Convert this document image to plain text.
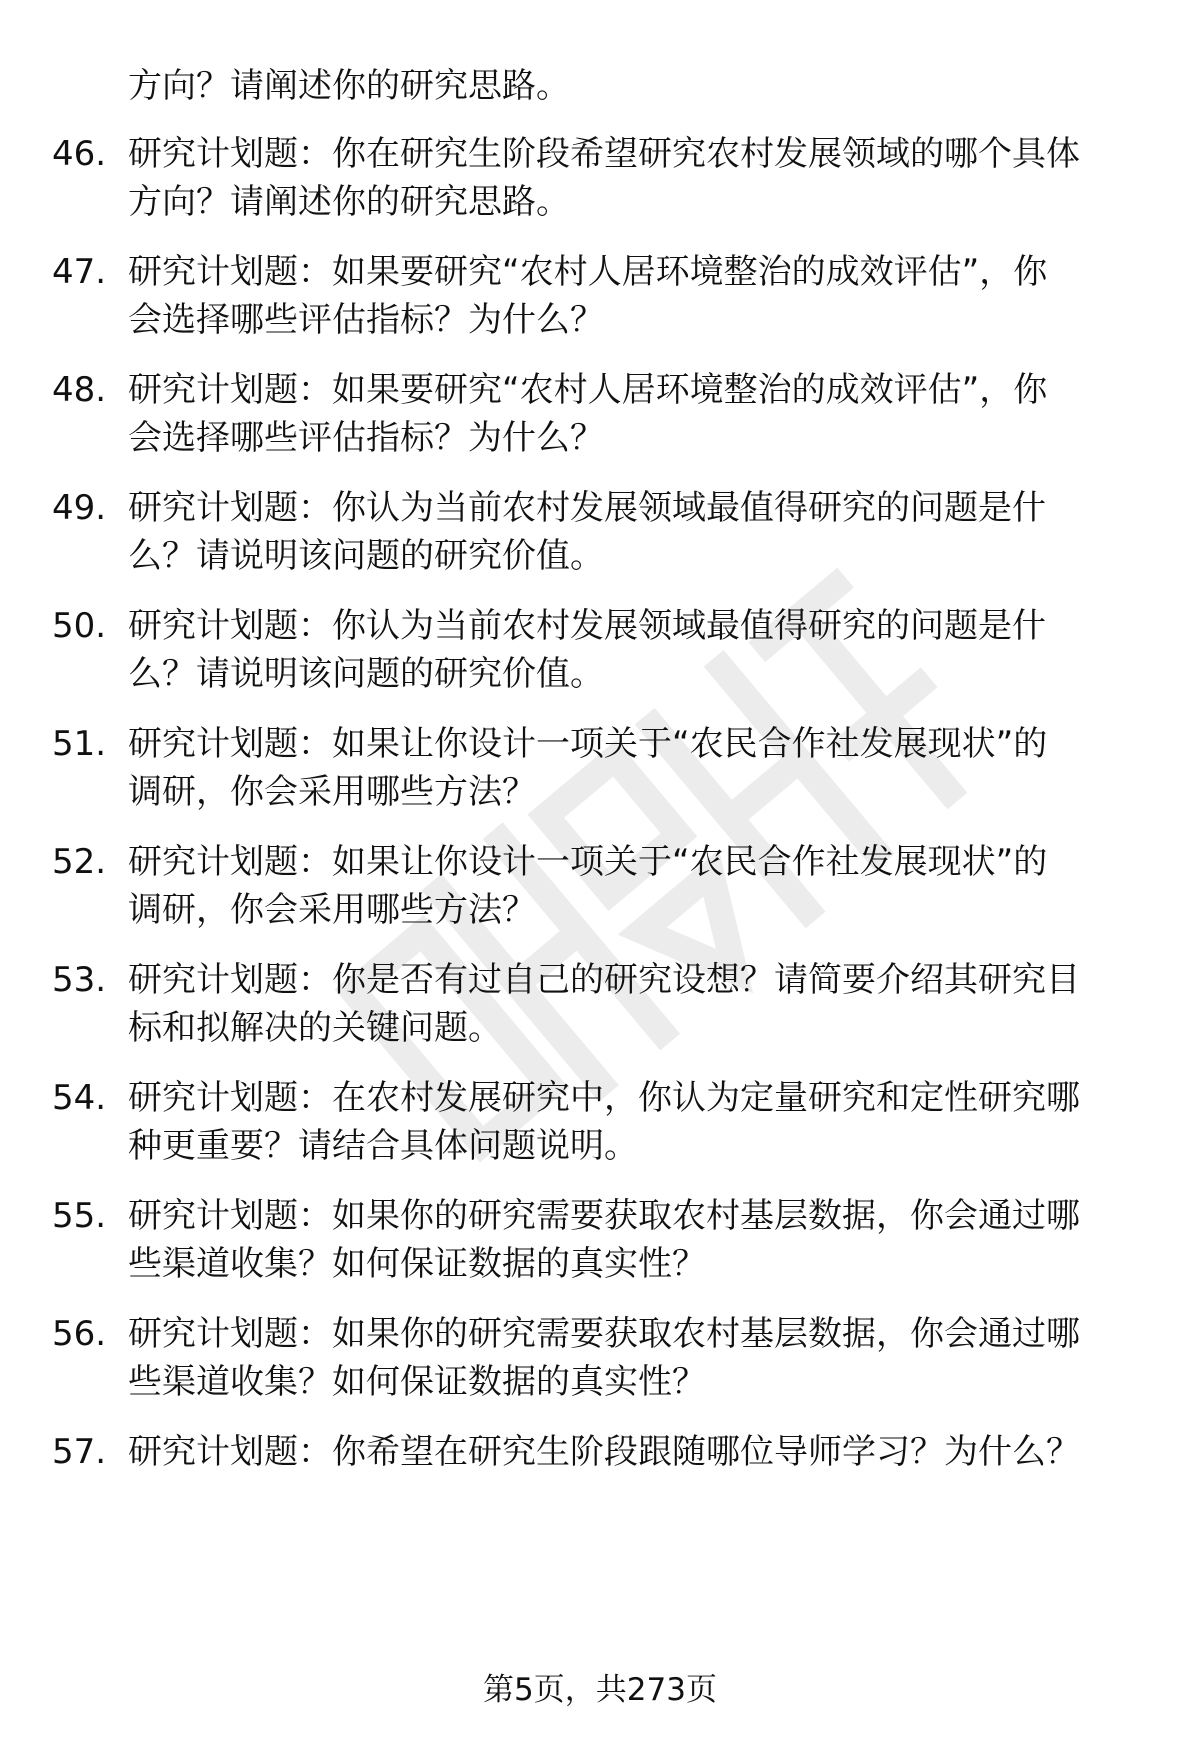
方向？请阐述你的研究思路。
46. 研究计划题：你在研究生阶段希望研究农村发展领域的哪个具体
方向？请阐述你的研究思路。
47. 研究计划题：如果要研究“农村人居环境整治的成效评估”，你
会选择哪些评估指标？为什么？
48. 研究计划题：如果要研究“农村人居环境整治的成效评估”，你
会选择哪些评估指标？为什么？
49. 研究计划题：你认为当前农村发展领域最值得研究的问题是什
么？请说明该问题的研究价值。
50. 研究计划题：你认为当前农村发展领域最值得研究的问题是什
么？请说明该问题的研究价值。
51. 研究计划题：如果让你设计一项关于“农民合作社发展现状”的
调研，你会采用哪些方法？
52. 研究计划题：如果让你设计一项关于“农民合作社发展现状”的
调研，你会采用哪些方法？
53. 研究计划题：你是否有过自己的研究设想？请简要介绍其研究目
标和拟解决的关键问题。
54. 研究计划题：在农村发展研究中，你认为定量研究和定性研究哪
种更重要？请结合具体问题说明。
55. 研究计划题：如果你的研究需要获取农村基层数据，你会通过哪
些渠道收集？如何保证数据的真实性？
56. 研究计划题：如果你的研究需要获取农村基层数据，你会通过哪
些渠道收集？如何保证数据的真实性？
57. 研究计划题：你希望在研究生阶段跟随哪位导师学习？为什么？
第5页，共273页
